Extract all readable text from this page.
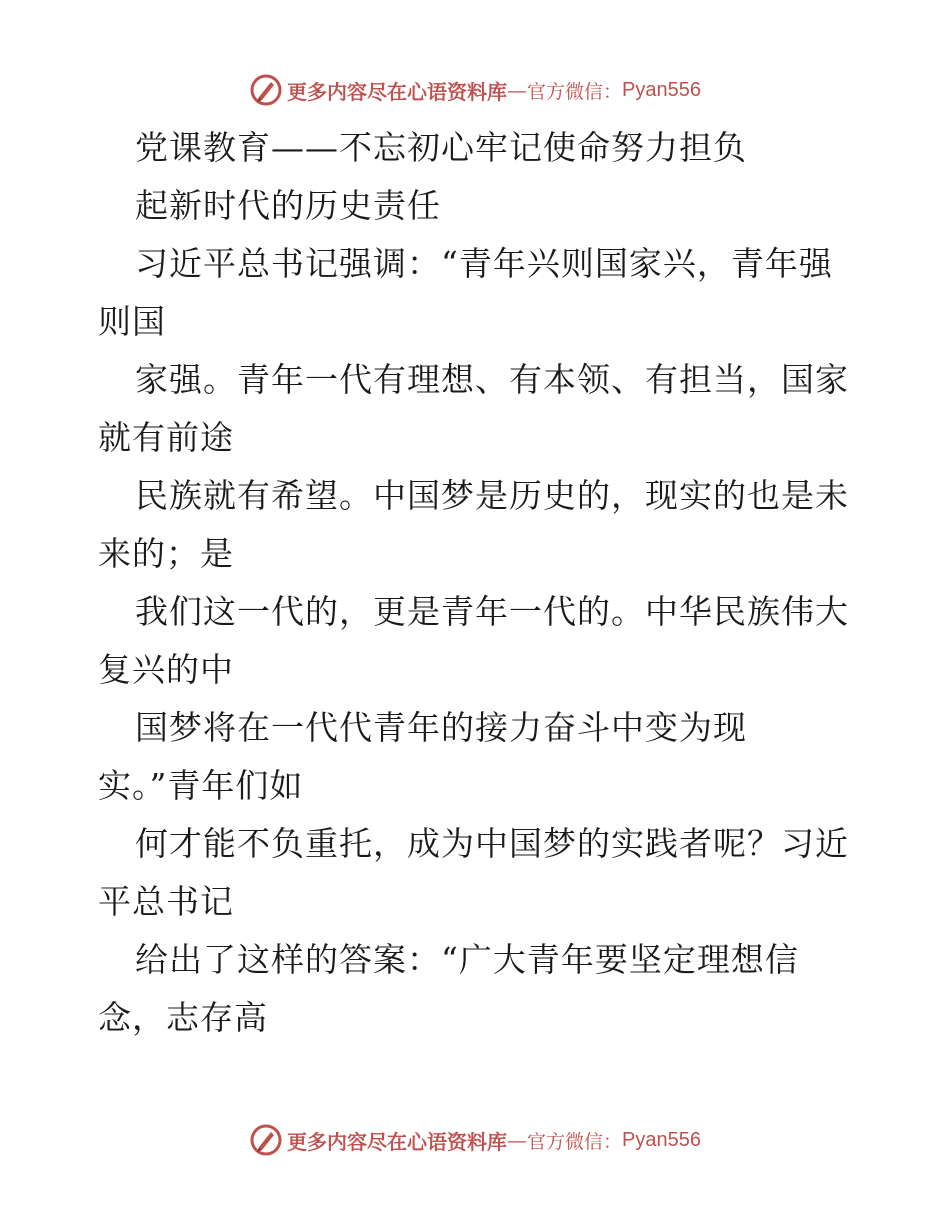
更多内容尽在心语资料库 — 官方微信： Pyan556
党课教育——不忘初心牢记使命努力担负
起新时代的历史责任
习近平总书记强调：“青年兴则国家兴，青年强
则国
家强。青年一代有理想、有本领、有担当，国家
就有前途
民族就有希望。中国梦是历史的，现实的也是未
来的；是
我们这一代的，更是青年一代的。中华民族伟大
复兴的中
国梦将在一代代青年的接力奋斗中变为现
实。”青年们如
何才能不负重托，成为中国梦的实践者呢？习近
平总书记
给出了这样的答案：“广大青年要坚定理想信
念，志存高
更多内容尽在心语资料库 — 官方微信： Pyan556
